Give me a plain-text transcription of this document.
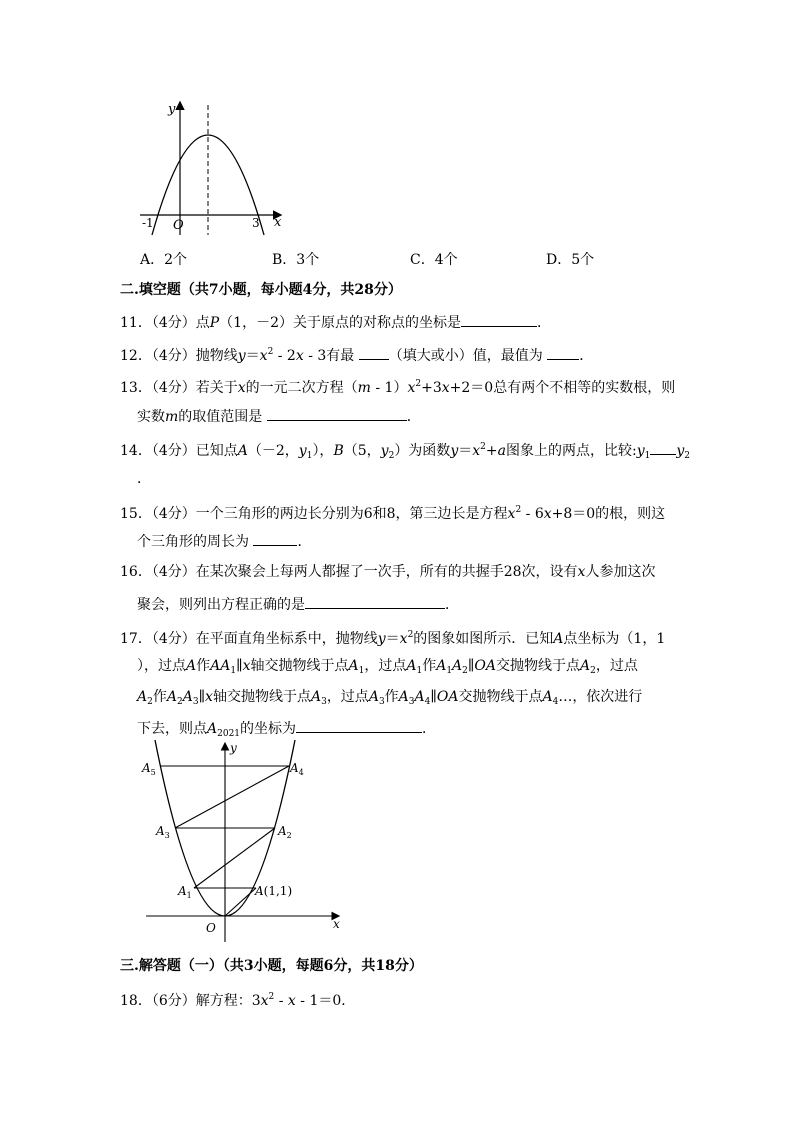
y
x
O
-1	3
A．2个	B．3个	C．4个	D．5个
二.填空题（共7小题，每小题4分，共28分）
11．（4分）点P（1，－2）关于原点的对称点的坐标是	．
12．（4分）抛物线$y=x^2 - 2x - 3$有最 （填大或小）值，最值为 ．
13．（4分）若关于x的一元二次方程$(m - 1)x^2+3x+2=0$总有两个不相等的实数根，则
实数m的取值范围是	．
14．（4分）已知点A（－2，$y_1$），B（5，$y_2$）为函数$y=x^2+a$图象上的两点，比较$:y_1$ $y_2$
．
15．（4分）一个三角形的两边长分别为6和8，第三边长是方程$x^2 - 6x+8=0$的根，则这
个三角形的周长为	．
16．（4分）在某次聚会上每两人都握了一次手，所有的共握手28次，设有x人参加这次
聚会，则列出方程正确的是	．
17．（4分）在平面直角坐标系中，抛物线$y=x^2$的图象如图所示．已知A点坐标为（1，1
），过点A作$AA_1\parallel x$轴交抛物线于点$A_1$，过点$A_1$作$A_1A_2\parallel OA$交抛物线于点$A_2$，过点
$A_2$作$A_2A_3\parallel x$轴交抛物线于点$A_3$，过点$A_3$作$A_3A_4\parallel OA$交抛物线于点$A_4\dots$，依次进行
下去，则点$A_{2021}$的坐标为	．
y
x
O
$A_5$	$A_4$
$A_3$	$A_2$
$A_1$	A(1,1)
三.解答题（一）（共3小题，每题6分，共18分）
18．（6分）解方程：$3x^2 - x - 1=0$．
